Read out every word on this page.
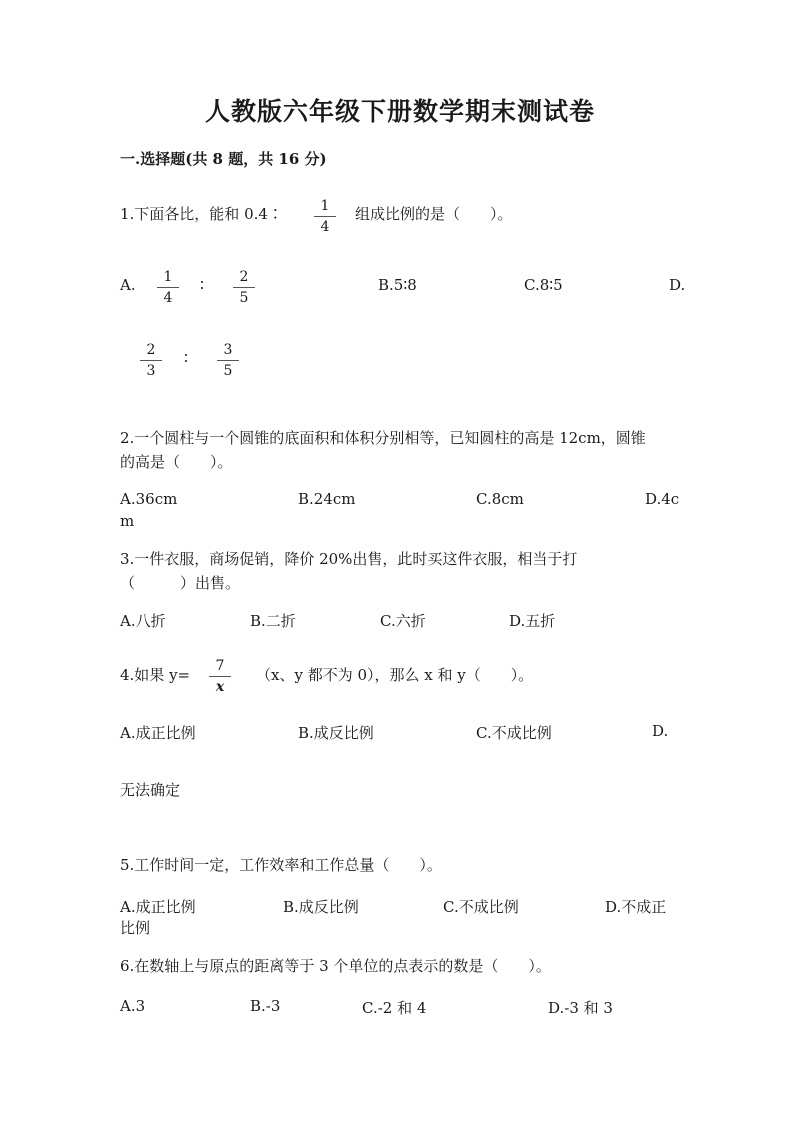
人教版六年级下册数学期末测试卷
一.选择题(共 8 题，共 16 分)
1.下面各比，能和 0.4∶ $\frac{1}{4}$ 组成比例的是（　　）。
A. $\frac{1}{4}$ ∶ $\frac{2}{5}$	B.5∶8	C.8∶5	D.
$\frac{2}{3}$ ∶ $\frac{3}{5}$
2.一个圆柱与一个圆锥的底面积和体积分别相等，已知圆柱的高是 12cm，圆锥
的高是（　　）。
A.36cm	B.24cm	C.8cm	D.4c
m
3.一件衣服，商场促销，降价 20%出售，此时买这件衣服，相当于打
（　　　）出售。
A.八折	B.二折	C.六折	D.五折
4.如果 $y= \frac{7}{x} (x$、y 都不为 0），那么 x 和 y（　　）。
A.成正比例	B.成反比例	C.不成比例	D.
无法确定
5.工作时间一定，工作效率和工作总量（　　）。
A.成正比例	B.成反比例	C.不成比例	D.不成正
比例
6.在数轴上与原点的距离等于 3 个单位的点表示的数是（　　）。
A.3	B.-3	C.-2 和 4	D.-3 和 3
